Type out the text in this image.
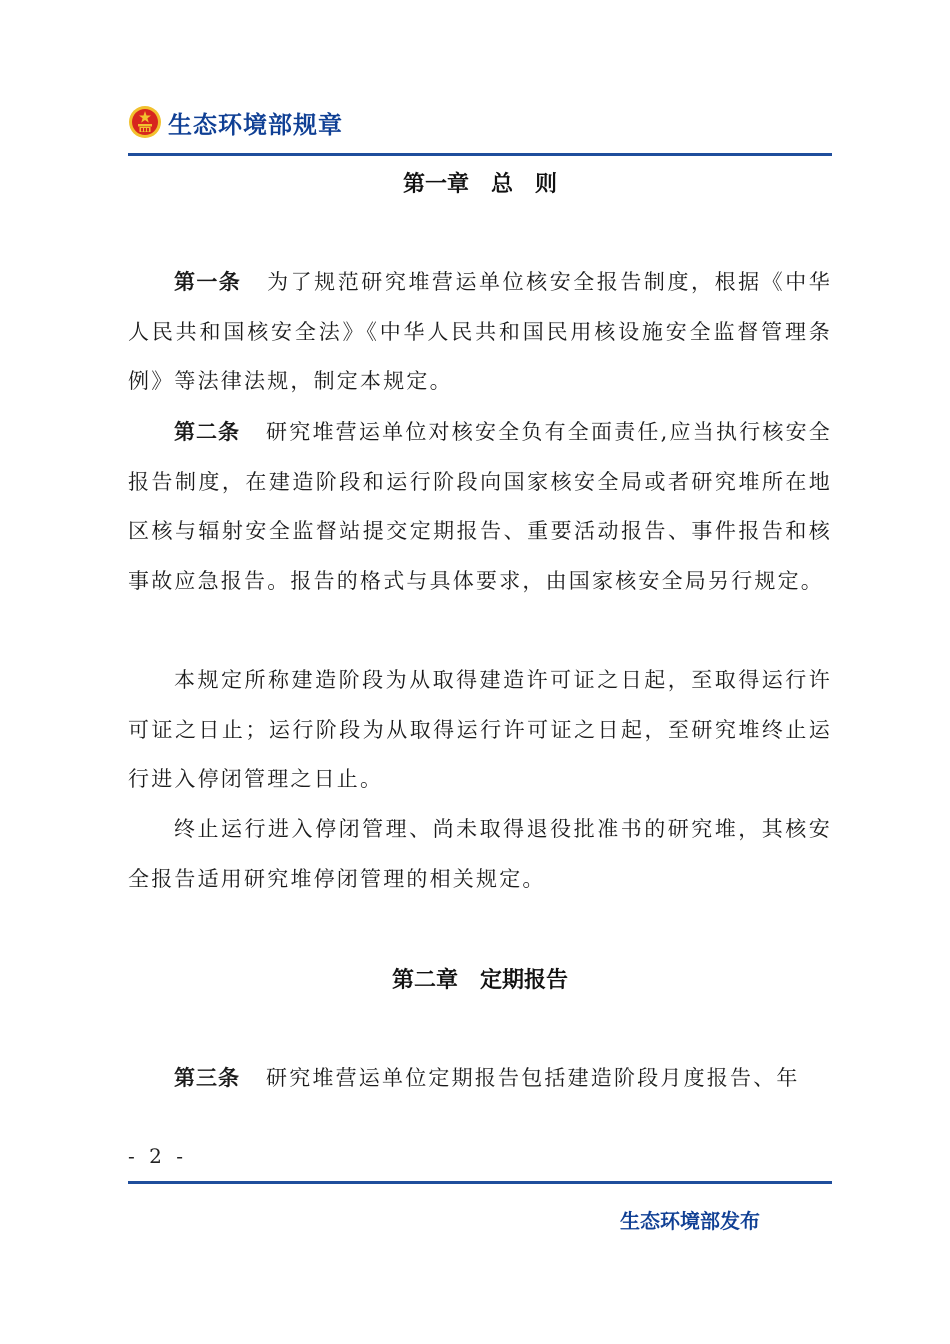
生态环境部规章
第一章 总　则

第一条 为了规范研究堆营运单位核安全报告制度，根据《中华人民共和国核安全法》《中华人民共和国民用核设施安全监督管理条例》等法律法规，制定本规定。

第二条 研究堆营运单位对核安全负有全面责任,应当执行核安全报告制度，在建造阶段和运行阶段向国家核安全局或者研究堆所在地区核与辐射安全监督站提交定期报告、重要活动报告、事件报告和核事故应急报告。报告的格式与具体要求，由国家核安全局另行规定。

本规定所称建造阶段为从取得建造许可证之日起，至取得运行许可证之日止；运行阶段为从取得运行许可证之日起，至研究堆终止运行进入停闭管理之日止。

终止运行进入停闭管理、尚未取得退役批准书的研究堆，其核安全报告适用研究堆停闭管理的相关规定。

第二章 定期报告

第三条 研究堆营运单位定期报告包括建造阶段月度报告、年

- 2 -
生态环境部发布
